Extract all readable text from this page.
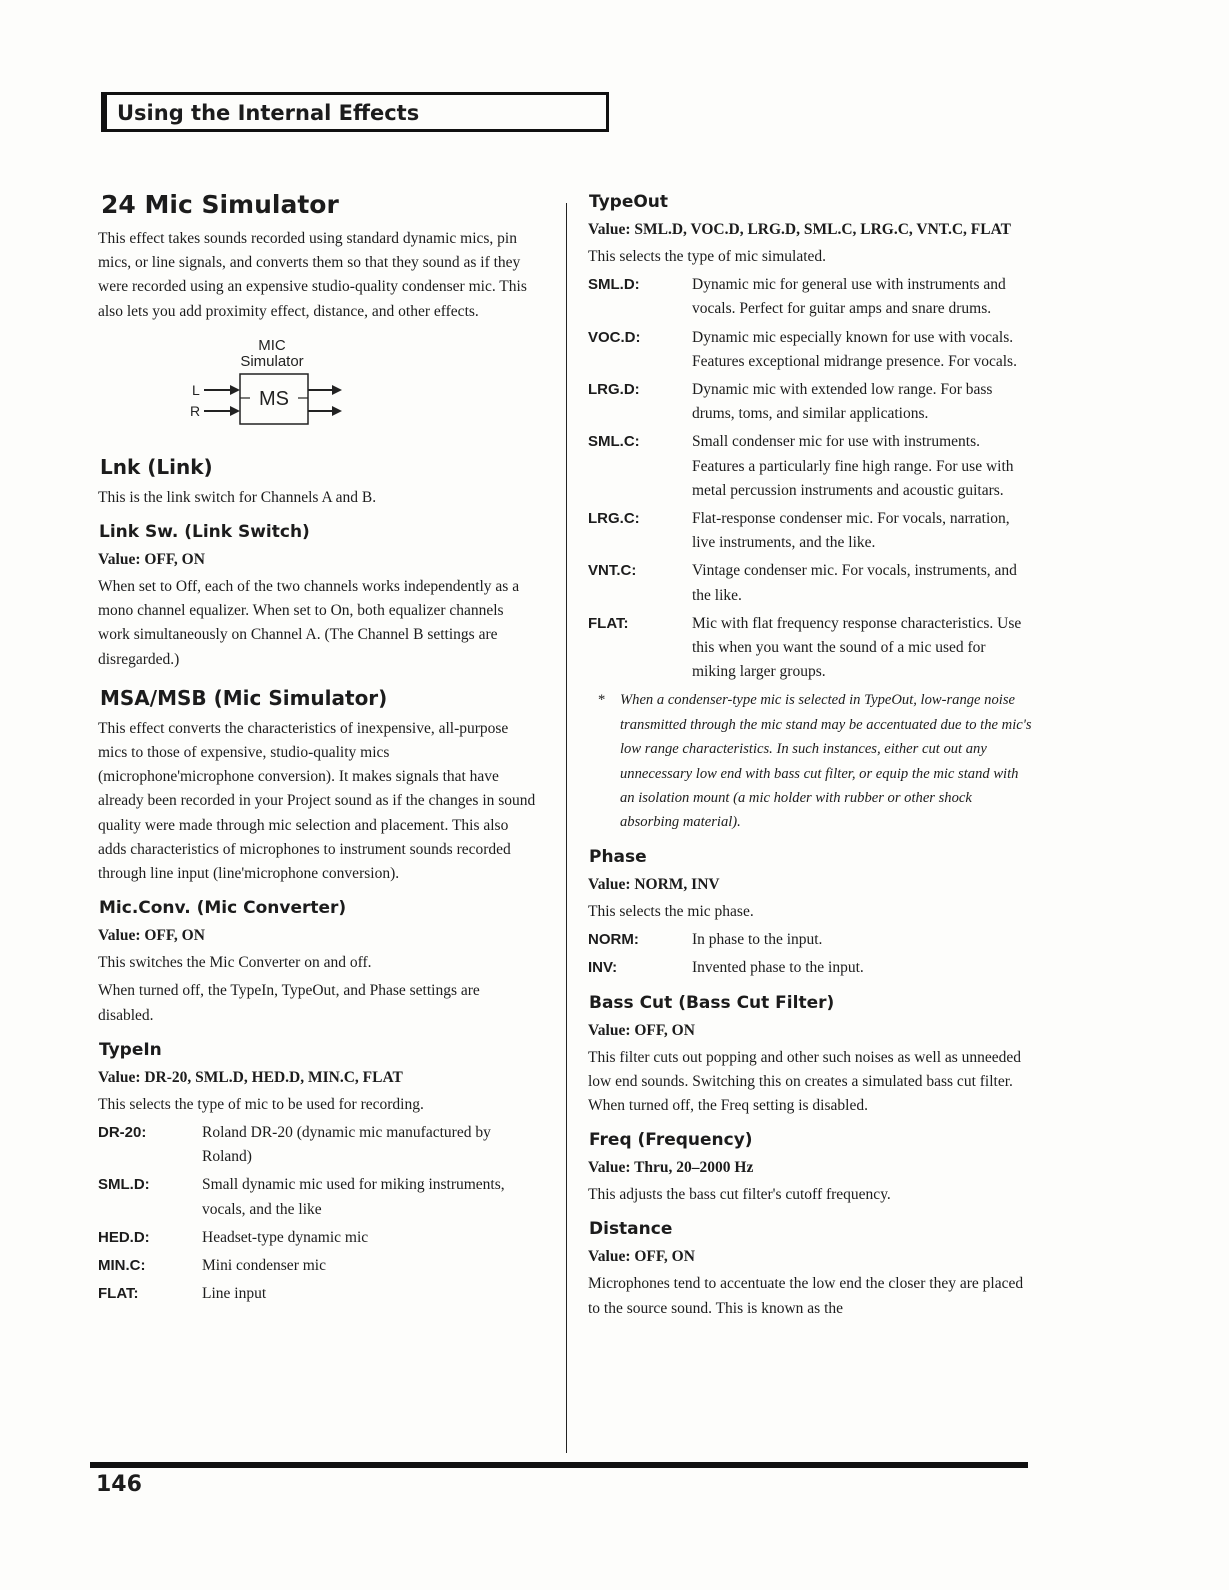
Using the Internal Effects
24 Mic Simulator

This effect takes sounds recorded using standard dynamic mics, pin mics, or line signals, and converts them so that they sound as if they were recorded using an expensive studio-quality condenser mic. This also lets you add proximity effect, distance, and other effects.

MIC
Simulator
MS
L
R
Lnk (Link)

This is the link switch for Channels A and B.

Link Sw. (Link Switch)
Value: OFF, ON

When set to Off, each of the two channels works independently as a mono channel equalizer. When set to On, both equalizer channels work simultaneously on Channel A. (The Channel B settings are disregarded.)

MSA/MSB (Mic Simulator)

This effect converts the characteristics of inexpensive, all-purpose mics to those of expensive, studio-quality mics (microphone'microphone conversion). It makes signals that have already been recorded in your Project sound as if the changes in sound quality were made through mic selection and placement. This also adds characteristics of microphones to instrument sounds recorded through line input (line'microphone conversion).

Mic.Conv. (Mic Converter)
Value: OFF, ON

This switches the Mic Converter on and off.

When turned off, the TypeIn, TypeOut, and Phase settings are disabled.

TypeIn
Value: DR-20, SML.D, HED.D, MIN.C, FLAT

This selects the type of mic to be used for recording.

DR-20:	Roland DR-20 (dynamic mic manufactured by Roland)
SML.D:	Small dynamic mic used for miking instruments, vocals, and the like
HED.D:	Headset-type dynamic mic
MIN.C:	Mini condenser mic
FLAT:	Line input
TypeOut
Value: SML.D, VOC.D, LRG.D, SML.C, LRG.C, VNT.C, FLAT

This selects the type of mic simulated.

SML.D:	Dynamic mic for general use with instruments and vocals. Perfect for guitar amps and snare drums.
VOC.D:	Dynamic mic especially known for use with vocals. Features exceptional midrange presence. For vocals.
LRG.D:	Dynamic mic with extended low range. For bass drums, toms, and similar applications.
SML.C:	Small condenser mic for use with instruments. Features a particularly fine high range. For use with metal percussion instruments and acoustic guitars.
LRG.C:	Flat-response condenser mic. For vocals, narration, live instruments, and the like.
VNT.C:	Vintage condenser mic. For vocals, instruments, and the like.
FLAT:	Mic with flat frequency response characteristics. Use this when you want the sound of a mic used for miking larger groups.
*	When a condenser-type mic is selected in TypeOut, low-range noise transmitted through the mic stand may be accentuated due to the mic's low range characteristics. In such instances, either cut out any unnecessary low end with bass cut filter, or equip the mic stand with an isolation mount (a mic holder with rubber or other shock absorbing material).
Phase
Value: NORM, INV

This selects the mic phase.

NORM:	In phase to the input.
INV:	Invented phase to the input.
Bass Cut (Bass Cut Filter)
Value: OFF, ON

This filter cuts out popping and other such noises as well as unneeded low end sounds. Switching this on creates a simulated bass cut filter. When turned off, the Freq setting is disabled.

Freq (Frequency)
Value: Thru, 20–2000 Hz

This adjusts the bass cut filter's cutoff frequency.

Distance
Value: OFF, ON

Microphones tend to accentuate the low end the closer they are placed to the source sound. This is known as the

146
